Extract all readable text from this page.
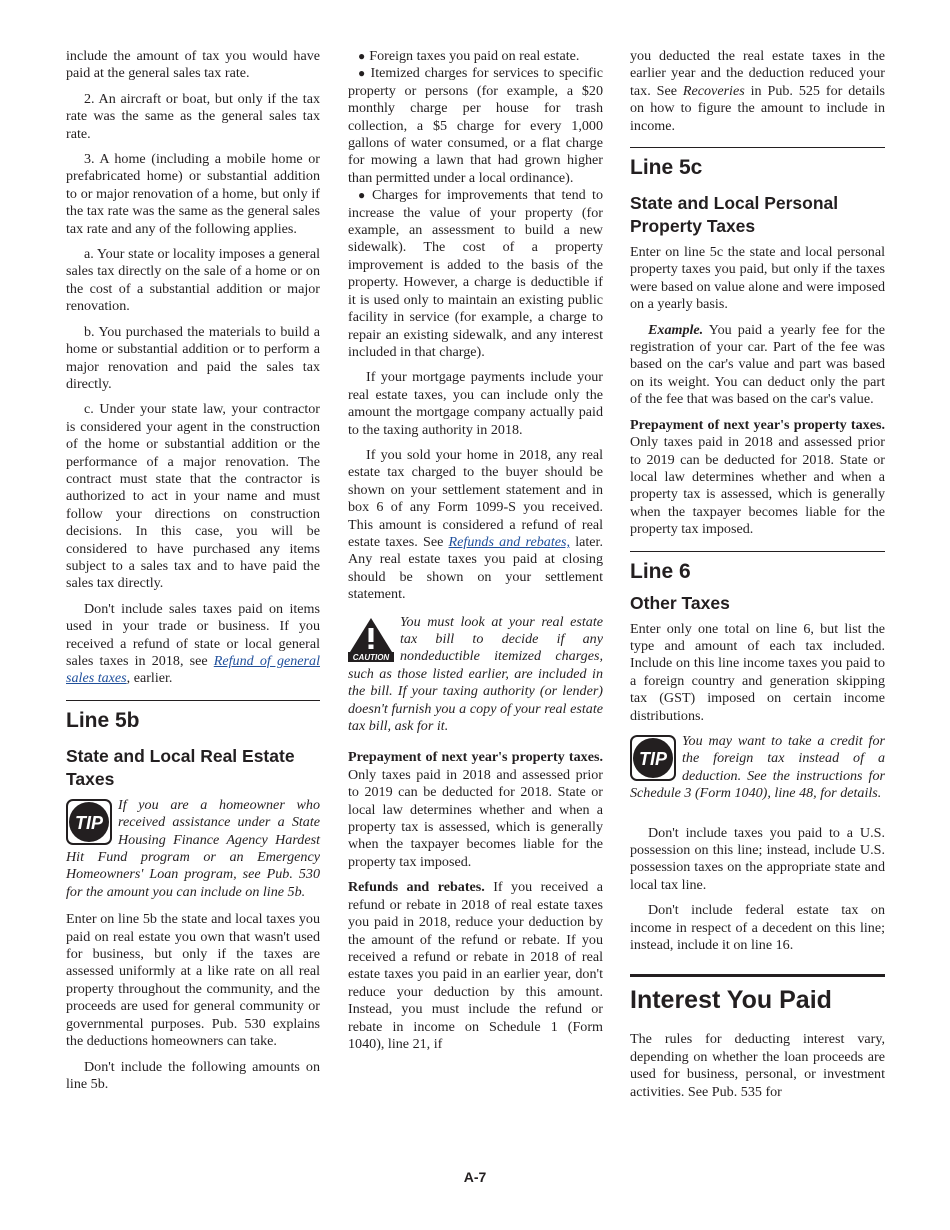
include the amount of tax you would have paid at the general sales tax rate.

2. An aircraft or boat, but only if the tax rate was the same as the general sales tax rate.

3. A home (including a mobile home or prefabricated home) or substantial addition to or major renovation of a home, but only if the tax rate was the same as the general sales tax rate and any of the following applies.

a. Your state or locality imposes a general sales tax directly on the sale of a home or on the cost of a substantial addition or major renovation.

b. You purchased the materials to build a home or substantial addition or to perform a major renovation and paid the sales tax directly.

c. Under your state law, your contractor is considered your agent in the construction of the home or substantial addition or the performance of a major renovation. The contract must state that the contractor is authorized to act in your name and must follow your directions on construction decisions. In this case, you will be considered to have purchased any items subject to a sales tax and to have paid the sales tax directly.

Don't include sales taxes paid on items used in your trade or business. If you received a refund of state or local general sales taxes in 2018, see Refund of general sales taxes, earlier.

Line 5b
State and Local Real Estate Taxes
TIP
If you are a homeowner who received assistance under a State Housing Finance Agency Hardest Hit Fund program or an Emergency Homeowners' Loan program, see Pub. 530 for the amount you can include on line 5b.

Enter on line 5b the state and local taxes you paid on real estate you own that wasn't used for business, but only if the taxes are assessed uniformly at a like rate on all real property throughout the community, and the proceeds are used for general community or governmental purposes. Pub. 530 explains the deductions homeowners can take.

Don't include the following amounts on line 5b.

● Foreign taxes you paid on real estate.

● Itemized charges for services to specific property or persons (for example, a $20 monthly charge per house for trash collection, a $5 charge for every 1,000 gallons of water consumed, or a flat charge for mowing a lawn that had grown higher than permitted under a local ordinance).

● Charges for improvements that tend to increase the value of your property (for example, an assessment to build a new sidewalk). The cost of a property improvement is added to the basis of the property. However, a charge is deductible if it is used only to maintain an existing public facility in service (for example, a charge to repair an existing sidewalk, and any interest included in that charge).

If your mortgage payments include your real estate taxes, you can include only the amount the mortgage company actually paid to the taxing authority in 2018.

If you sold your home in 2018, any real estate tax charged to the buyer should be shown on your settlement statement and in box 6 of any Form 1099-S you received. This amount is considered a refund of real estate taxes. See Refunds and rebates, later. Any real estate taxes you paid at closing should be shown on your settlement statement.

CAUTION
You must look at your real estate tax bill to decide if any nondeductible itemized charges, such as those listed earlier, are included in the bill. If your taxing authority (or lender) doesn't furnish you a copy of your real estate tax bill, ask for it.

Prepayment of next year's property taxes. Only taxes paid in 2018 and assessed prior to 2019 can be deducted for 2018. State or local law determines whether and when a property tax is assessed, which is generally when the taxpayer becomes liable for the property tax imposed.

Refunds and rebates. If you received a refund or rebate in 2018 of real estate taxes you paid in 2018, reduce your deduction by the amount of the refund or rebate. If you received a refund or rebate in 2018 of real estate taxes you paid in an earlier year, don't reduce your deduction by this amount. Instead, you must include the refund or rebate in income on Schedule 1 (Form 1040), line 21, if

you deducted the real estate taxes in the earlier year and the deduction reduced your tax. See Recoveries in Pub. 525 for details on how to figure the amount to include in income.

Line 5c
State and Local Personal Property Taxes

Enter on line 5c the state and local personal property taxes you paid, but only if the taxes were based on value alone and were imposed on a yearly basis.

Example. You paid a yearly fee for the registration of your car. Part of the fee was based on the car's value and part was based on its weight. You can deduct only the part of the fee that was based on the car's value.

Prepayment of next year's property taxes. Only taxes paid in 2018 and assessed prior to 2019 can be deducted for 2018. State or local law determines whether and when a property tax is assessed, which is generally when the taxpayer becomes liable for the property tax imposed.

Line 6
Other Taxes

Enter only one total on line 6, but list the type and amount of each tax included. Include on this line income taxes you paid to a foreign country and generation skipping tax (GST) imposed on certain income distributions.

TIP
You may want to take a credit for the foreign tax instead of a deduction. See the instructions for Schedule 3 (Form 1040), line 48, for details.

Don't include taxes you paid to a U.S. possession on this line; instead, include U.S. possession taxes on the appropriate state and local tax line.

Don't include federal estate tax on income in respect of a decedent on this line; instead, include it on line 16.

Interest You Paid

The rules for deducting interest vary, depending on whether the loan proceeds are used for business, personal, or investment activities. See Pub. 535 for

A-7
